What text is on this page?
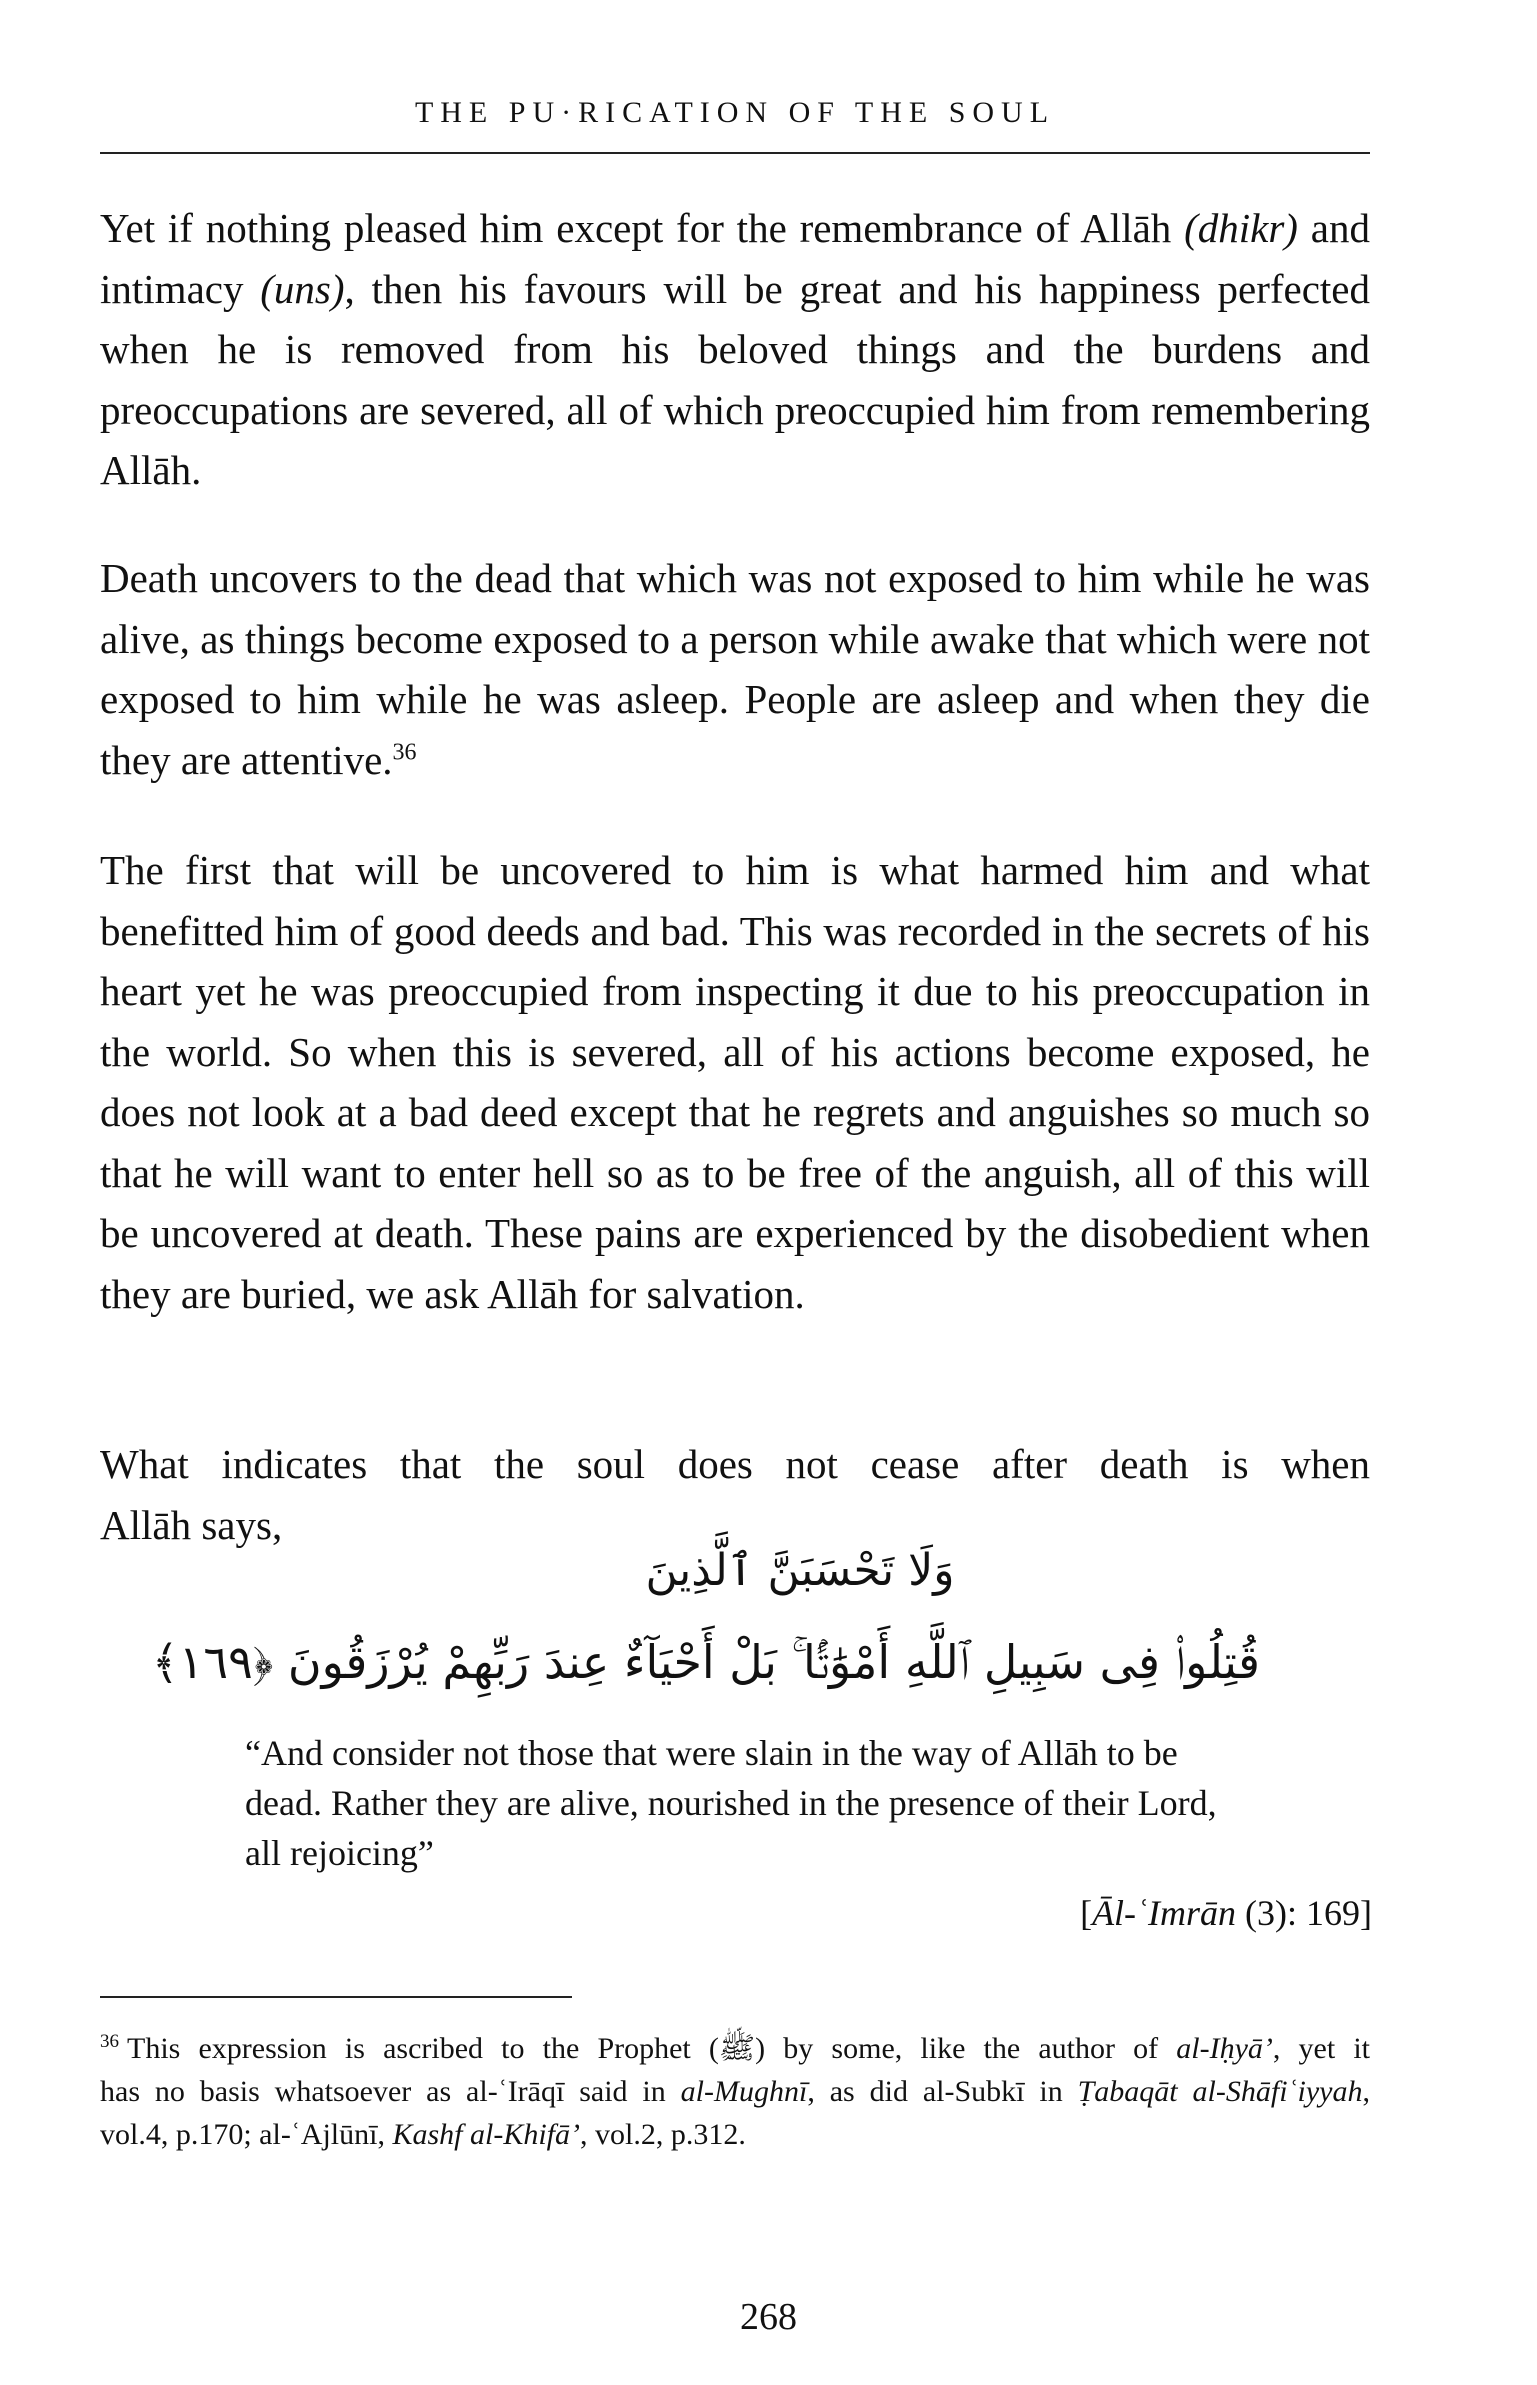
THE PU·RICATION OF THE SOUL

Yet if nothing pleased him except for the remembrance of Allāh (dhikr) and intimacy (uns), then his favours will be great and his happiness perfected when he is removed from his beloved things and the burdens and preoccupations are severed, all of which preoccupied him from remembering Allāh.

Death uncovers to the dead that which was not exposed to him while he was alive, as things become exposed to a person while awake that which were not exposed to him while he was asleep. People are asleep and when they die they are attentive.$^{36}$

The first that will be uncovered to him is what harmed him and what benefitted him of good deeds and bad. This was recorded in the secrets of his heart yet he was preoccupied from inspecting it due to his preoccupation in the world. So when this is severed, all of his actions become exposed, he does not look at a bad deed except that he regrets and anguishes so much so that he will want to enter hell so as to be free of the anguish, all of this will be uncovered at death. These pains are experienced by the disobedient when they are buried, we ask Allāh for salvation.

What indicates that the soul does not cease after death is when
Allāh says,

وَلَا تَحْسَبَنَّ ٱلَّذِينَ
قُتِلُوا۟ فِى سَبِيلِ ٱللَّهِ أَمْوَٰتًۢا ۚ بَلْ أَحْيَآءٌ عِندَ رَبِّهِمْ يُرْزَقُونَ ﴿١٦٩﴾

“And consider not those that were slain in the way of Allāh to be dead. Rather they are alive, nourished in the presence of their Lord, all rejoicing”

[Āl-ʿImrān (3): 169]

$^{36}$ This expression is ascribed to the Prophet (ﷺ) by some, like the author of al-Iḥyā’, yet it
has no basis whatsoever as al-ʿIrāqī said in al-Mughnī, as did al-Subkī in Ṭabaqāt al-Shāfiʿiyyah,
vol.4, p.170; al-ʿAjlūnī, Kashf al-Khifā’, vol.2, p.312.

268
